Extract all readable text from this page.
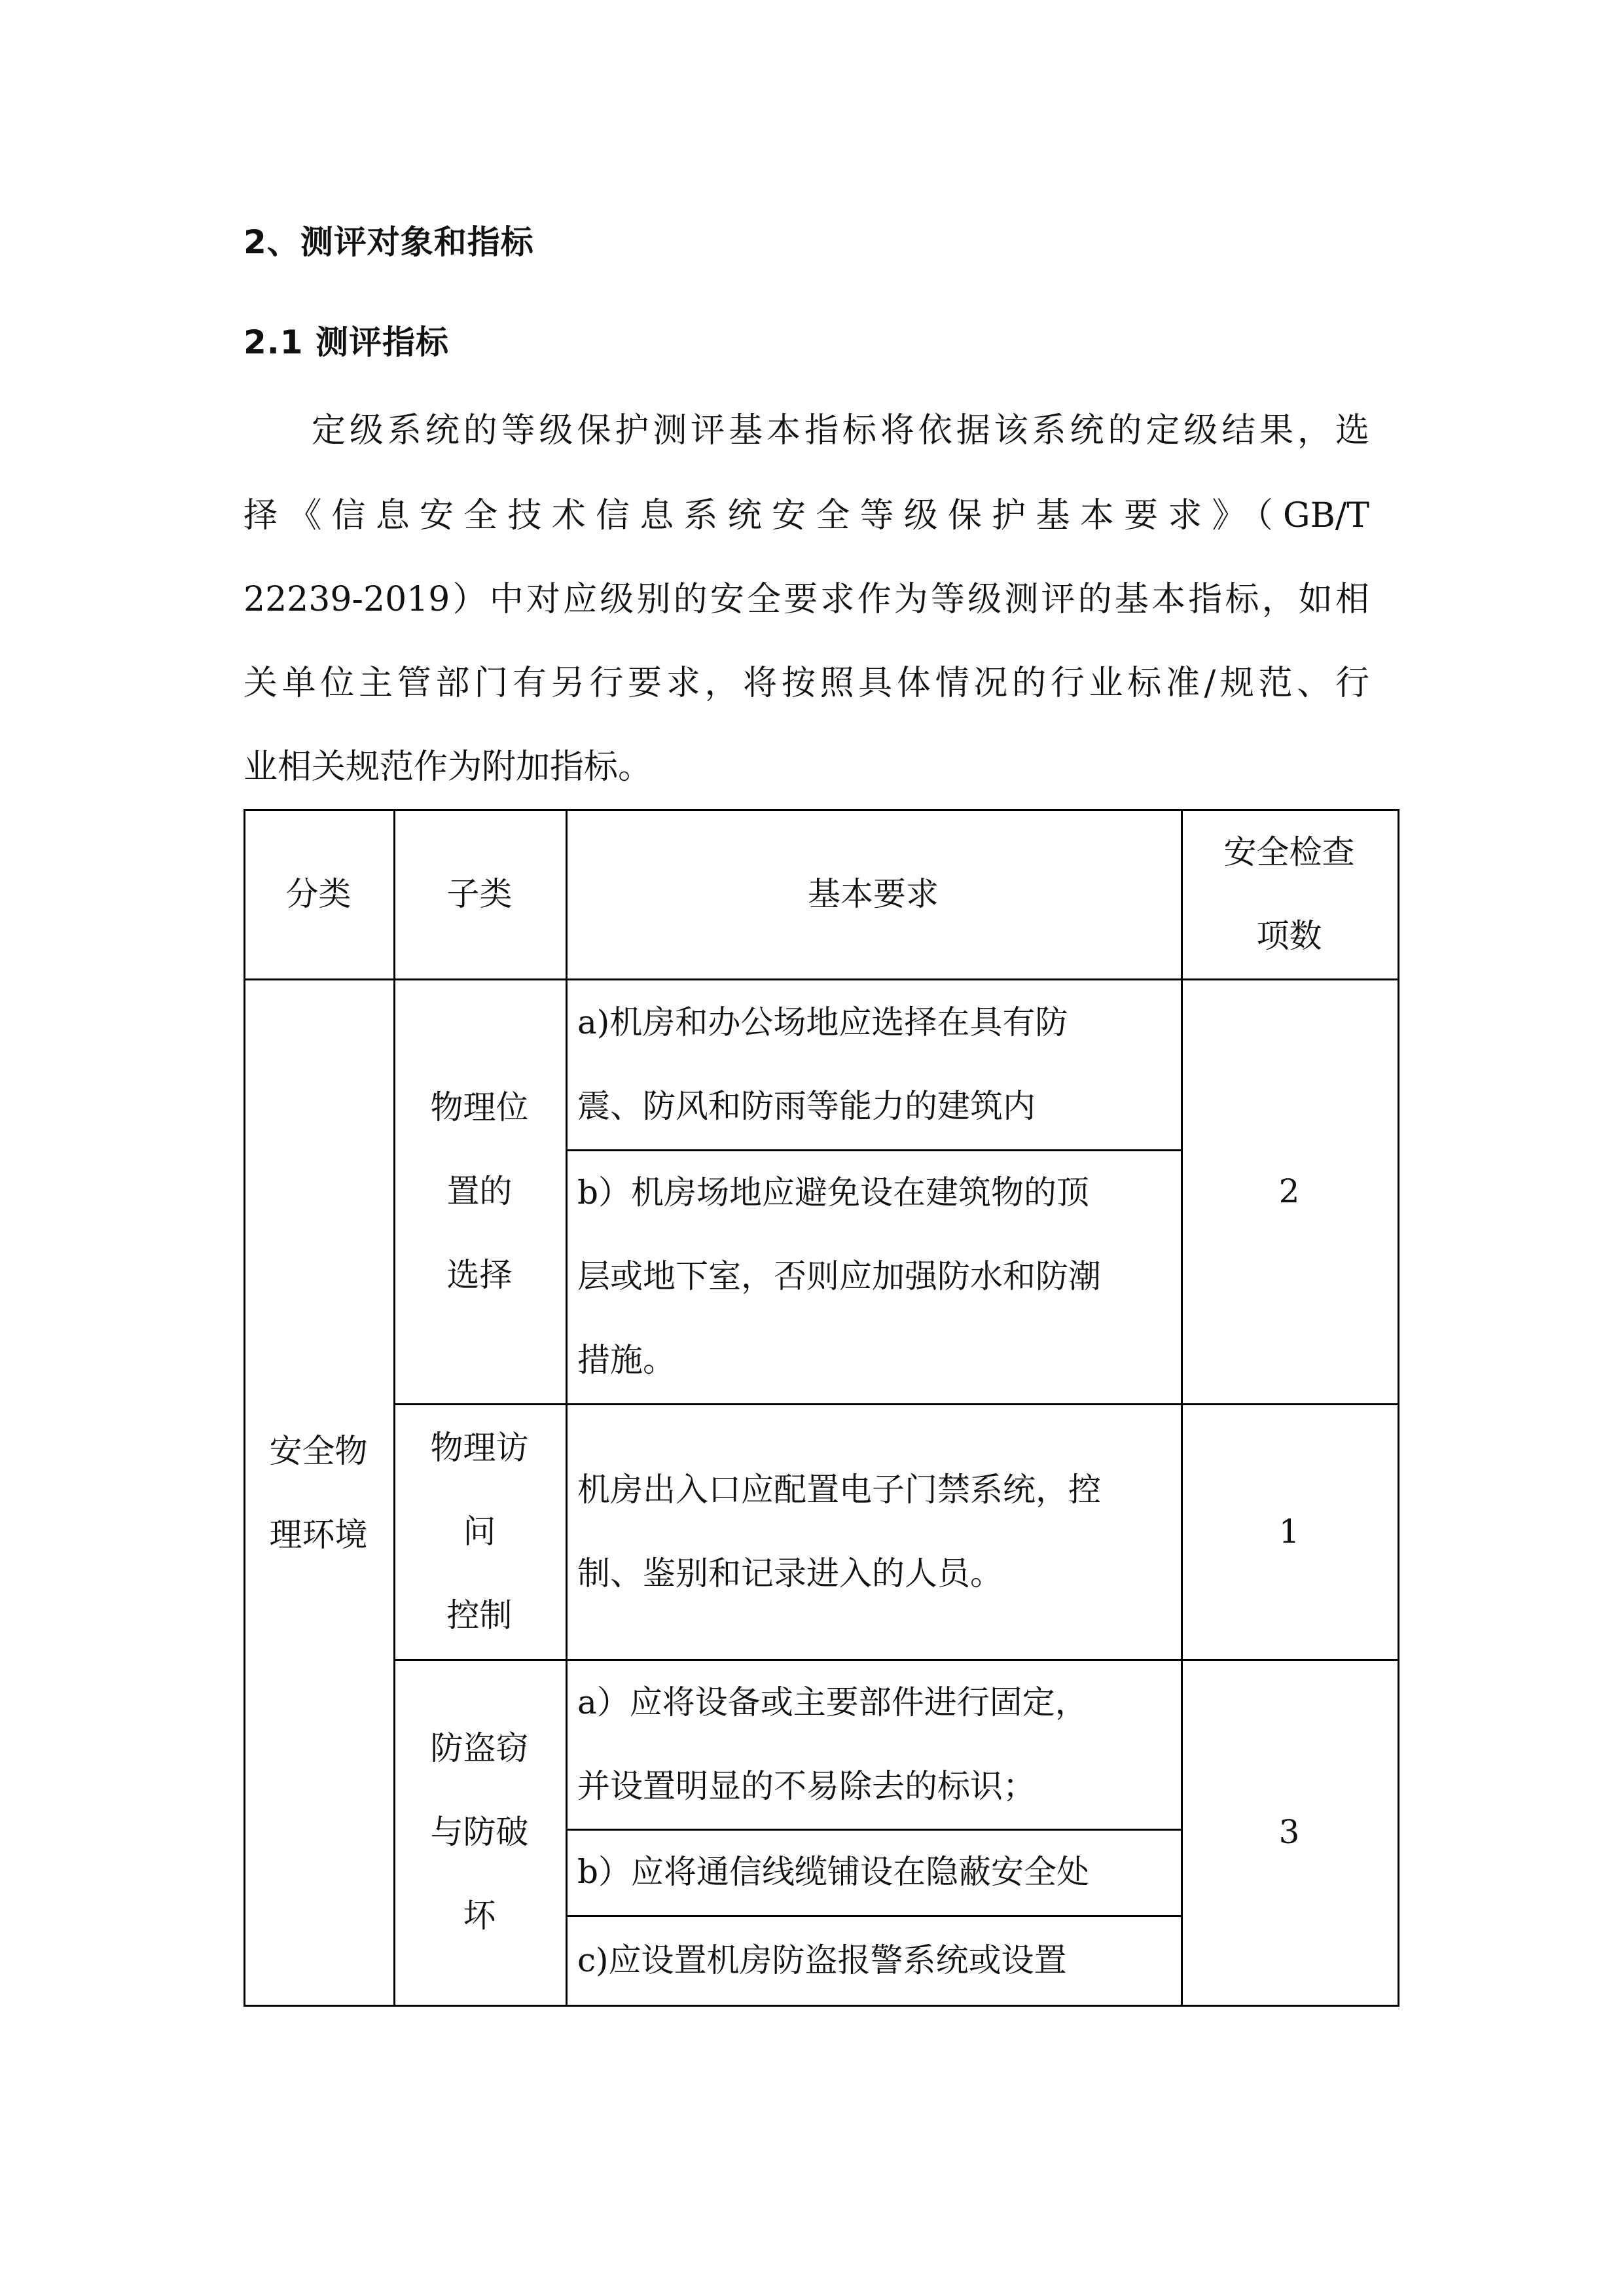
2、测评对象和指标
2.1 测评指标
定级系统的等级保护测评基本指标将依据该系统的定级结果，选
择《信息安全技术信息系统安全等级保护基本要求》（GB/T
22239-2019）中对应级别的安全要求作为等级测评的基本指标，如相
关单位主管部门有另行要求，将按照具体情况的行业标准/规范、行
业相关规范作为附加指标。
分类	子类	基本要求
安全检查
项数
安全物
理环境
物理位
置的
选择
a)机房和办公场地应选择在具有防
震、防风和防雨等能力的建筑内
b）机房场地应避免设在建筑物的顶
层或地下室，否则应加强防水和防潮
措施。
2
物理访
问
控制
机房出入口应配置电子门禁系统，控
制、鉴别和记录进入的人员。
1
防盗窃
与防破
坏
a）应将设备或主要部件进行固定，
并设置明显的不易除去的标识；
b）应将通信线缆铺设在隐蔽安全处
c)应设置机房防盗报警系统或设置
3
